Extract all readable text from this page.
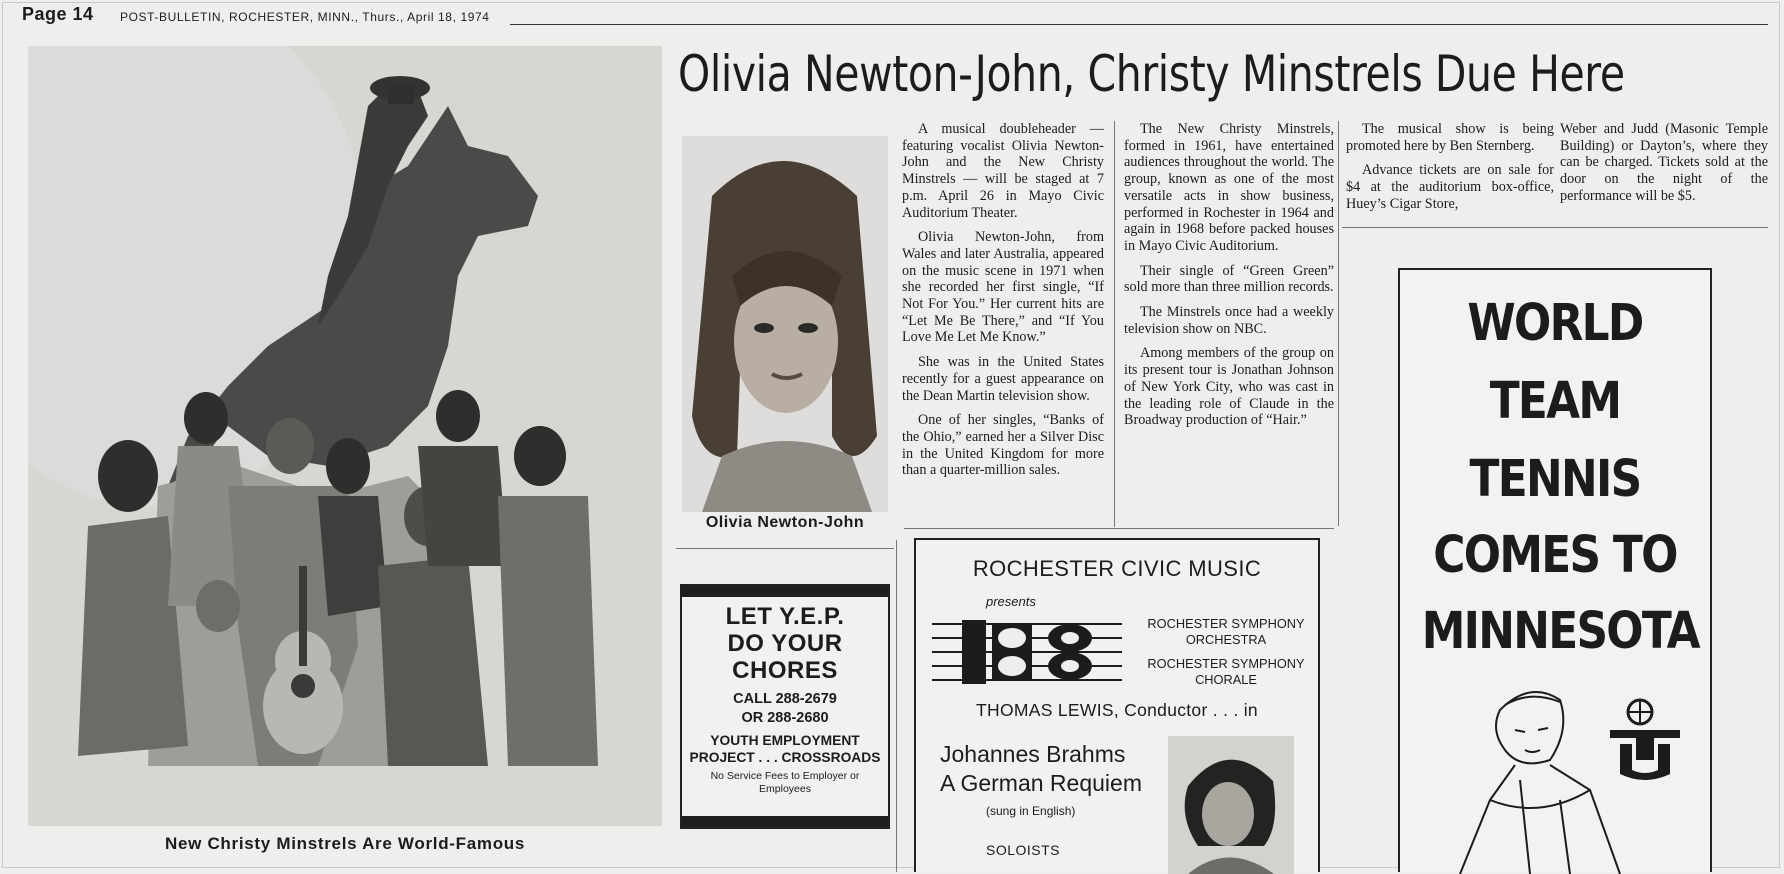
Page 14 POST-BULLETIN, ROCHESTER, MINN., Thurs., April 18, 1974
New Christy Minstrels Are World-Famous
Olivia Newton-John, Christy Minstrels Due Here
Olivia Newton-John

A musical doubleheader — featuring vocalist Olivia Newton-John and the New Christy Minstrels — will be staged at 7 p.m. April 26 in Mayo Civic Auditorium Theater.

Olivia Newton-John, from Wales and later Australia, appeared on the music scene in 1971 when she recorded her first single, “If Not For You.” Her current hits are “Let Me Be There,” and “If You Love Me Let Me Know.”

She was in the United States recently for a guest appearance on the Dean Martin television show.

One of her singles, “Banks of the Ohio,” earned her a Silver Disc in the United Kingdom for more than a quarter-million sales.

The New Christy Minstrels, formed in 1961, have entertained audiences throughout the world. The group, known as one of the most versatile acts in show business, performed in Rochester in 1964 and again in 1968 before packed houses in Mayo Civic Auditorium.

Their single of “Green Green” sold more than three million records.

The Minstrels once had a weekly television show on NBC.

Among members of the group on its present tour is Jonathan Johnson of New York City, who was cast in the leading role of Claude in the Broadway production of “Hair.”

The musical show is being promoted here by Ben Sternberg.

Advance tickets are on sale for $4 at the auditorium box-office, Huey’s Cigar Store,

Weber and Judd (Masonic Temple Building) or Dayton’s, where they can be charged. Tickets sold at the door on the night of the performance will be $5.

LET Y.E.P.
DO YOUR
CHORES
CALL 288-2679
OR 288-2680
YOUTH EMPLOYMENT
PROJECT . . . CROSSROADS
No Service Fees to Employer or Employees
ROCHESTER CIVIC MUSIC
presents
ROCHESTER SYMPHONY
ORCHESTRA
ROCHESTER SYMPHONY
CHORALE
THOMAS LEWIS, Conductor . . . in
Johannes Brahms
A German Requiem
(sung in English)
SOLOISTS
WORLD
TEAM
TENNIS
COMES TO
MINNESOTA
